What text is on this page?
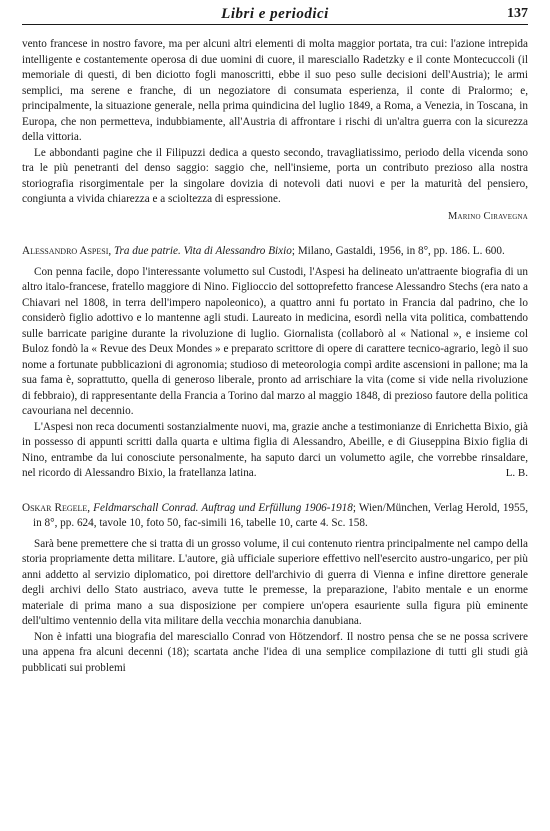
Libri e periodici	137

vento francese in nostro favore, ma per alcuni altri elementi di molta maggior portata, tra cui: l'azione intrepida intelligente e costantemente operosa di due uomini di cuore, il maresciallo Radetzky e il conte Montecuccoli (il memoriale di questi, di ben diciotto fogli manoscritti, ebbe il suo peso sulle decisioni dell'Austria); le armi semplici, ma serene e franche, di un negoziatore di consumata esperienza, il conte di Pralormo; e, principalmente, la situazione generale, nella prima quindicina del luglio 1849, a Roma, a Venezia, in Toscana, in Europa, che non permetteva, indubbiamente, all'Austria di affrontare i rischi di un'altra guerra con la sicurezza della vittoria.

Le abbondanti pagine che il Filipuzzi dedica a questo secondo, travagliatissimo, periodo della vicenda sono tra le più penetranti del denso saggio: saggio che, nell'insieme, porta un contributo prezioso alla nostra storiografia risorgimentale per la singolare dovizia di notevoli dati nuovi e per la maturità del pensiero, congiunta a vivida chiarezza e a scioltezza di espressione.

Marino Ciravegna

Alessandro Aspesi, Tra due patrie. Vita di Alessandro Bixio; Milano, Gastaldi, 1956, in 8°, pp. 186. L. 600.

Con penna facile, dopo l'interessante volumetto sul Custodi, l'Aspesi ha delineato un'attraente biografia di un altro italo-francese, fratello maggiore di Nino. Figlioccio del sottoprefetto francese Alessandro Stechs (era nato a Chiavari nel 1808, in terra dell'impero napoleonico), a quattro anni fu portato in Francia dal padrino, che lo considerò figlio adottivo e lo mantenne agli studi. Laureato in medicina, esordì nella vita politica, combattendo sulle barricate parigine durante la rivoluzione di luglio. Giornalista (collaborò al « National », e insieme col Buloz fondò la « Revue des Deux Mondes » e preparato scrittore di opere di carattere tecnico-agrario, legò il suo nome a fortunate pubblicazioni di agronomia; studioso di meteorologia compì ardite ascensioni in pallone; ma la sua fama è, soprattutto, quella di generoso liberale, pronto ad arrischiare la vita (come si vide nella rivoluzione di febbraio), di rappresentante della Francia a Torino dal marzo al maggio 1848, di prezioso fautore della politica cavouriana nel decennio.

L'Aspesi non reca documenti sostanzialmente nuovi, ma, grazie anche a testimonianze di Enrichetta Bixio, già in possesso di appunti scritti dalla quarta e ultima figlia di Alessandro, Abeille, e di Giuseppina Bixio figlia di Nino, entrambe da lui conosciute personalmente, ha saputo darci un volumetto agile, che vorrebbe rinsaldare, nel ricordo di Alessandro Bixio, la fratellanza latina.	L. B.

Oskar Regele, Feldmarschall Conrad. Auftrag und Erfüllung 1906-1918; Wien/München, Verlag Herold, 1955, in 8°, pp. 624, tavole 10, foto 50, fac-simili 16, tabelle 10, carte 4. Sc. 158.

Sarà bene premettere che si tratta di un grosso volume, il cui contenuto rientra principalmente nel campo della storia propriamente detta militare. L'autore, già ufficiale superiore effettivo nell'esercito austro-ungarico, per più anni addetto al servizio diplomatico, poi direttore dell'archivio di guerra di Vienna e infine direttore generale degli archivi dello Stato austriaco, aveva tutte le premesse, la preparazione, l'abito mentale e un enorme materiale di prima mano a sua disposizione per compiere un'opera esauriente sulla figura più eminente dell'ultimo ventennio della vita militare della vecchia monarchia danubiana.

Non è infatti una biografia del maresciallo Conrad von Hötzendorf. Il nostro pensa che se ne possa scrivere una appena fra alcuni decenni (18); scartata anche l'idea di una semplice compilazione di tutti gli studi già pubblicati sui problemi
